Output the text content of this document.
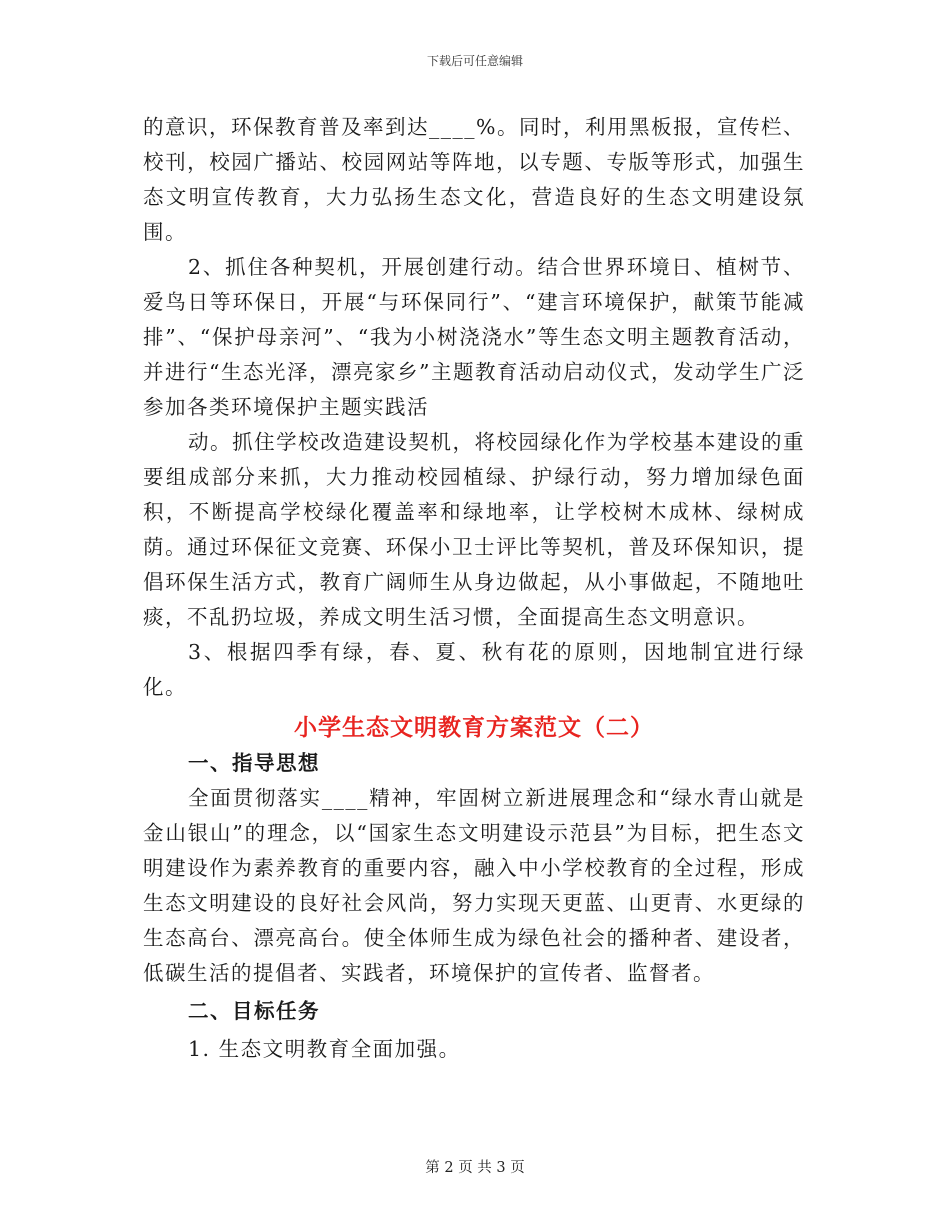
下载后可任意编辑

的意识，环保教育普及率到达____%。同时，利用黑板报，宣传栏、校刊，校园广播站、校园网站等阵地，以专题、专版等形式，加强生态文明宣传教育，大力弘扬生态文化，营造良好的生态文明建设氛围。

2、抓住各种契机，开展创建行动。结合世界环境日、植树节、爱鸟日等环保日，开展“与环保同行”、“建言环境保护，献策节能减排”、“保护母亲河”、“我为小树浇浇水”等生态文明主题教育活动，并进行“生态光泽，漂亮家乡”主题教育活动启动仪式，发动学生广泛参加各类环境保护主题实践活

动。抓住学校改造建设契机，将校园绿化作为学校基本建设的重要组成部分来抓，大力推动校园植绿、护绿行动，努力增加绿色面积，不断提高学校绿化覆盖率和绿地率，让学校树木成林、绿树成荫。通过环保征文竞赛、环保小卫士评比等契机，普及环保知识，提倡环保生活方式，教育广阔师生从身边做起，从小事做起，不随地吐痰，不乱扔垃圾，养成文明生活习惯，全面提高生态文明意识。

3、根据四季有绿，春、夏、秋有花的原则，因地制宜进行绿化。

小学生态文明教育方案范文（二）

一、指导思想

全面贯彻落实____精神，牢固树立新进展理念和“绿水青山就是金山银山”的理念，以“国家生态文明建设示范县”为目标，把生态文明建设作为素养教育的重要内容，融入中小学校教育的全过程，形成生态文明建设的良好社会风尚，努力实现天更蓝、山更青、水更绿的生态高台、漂亮高台。使全体师生成为绿色社会的播种者、建设者，低碳生活的提倡者、实践者，环境保护的宣传者、监督者。

二、目标任务

1. 生态文明教育全面加强。

第 2 页 共 3 页
